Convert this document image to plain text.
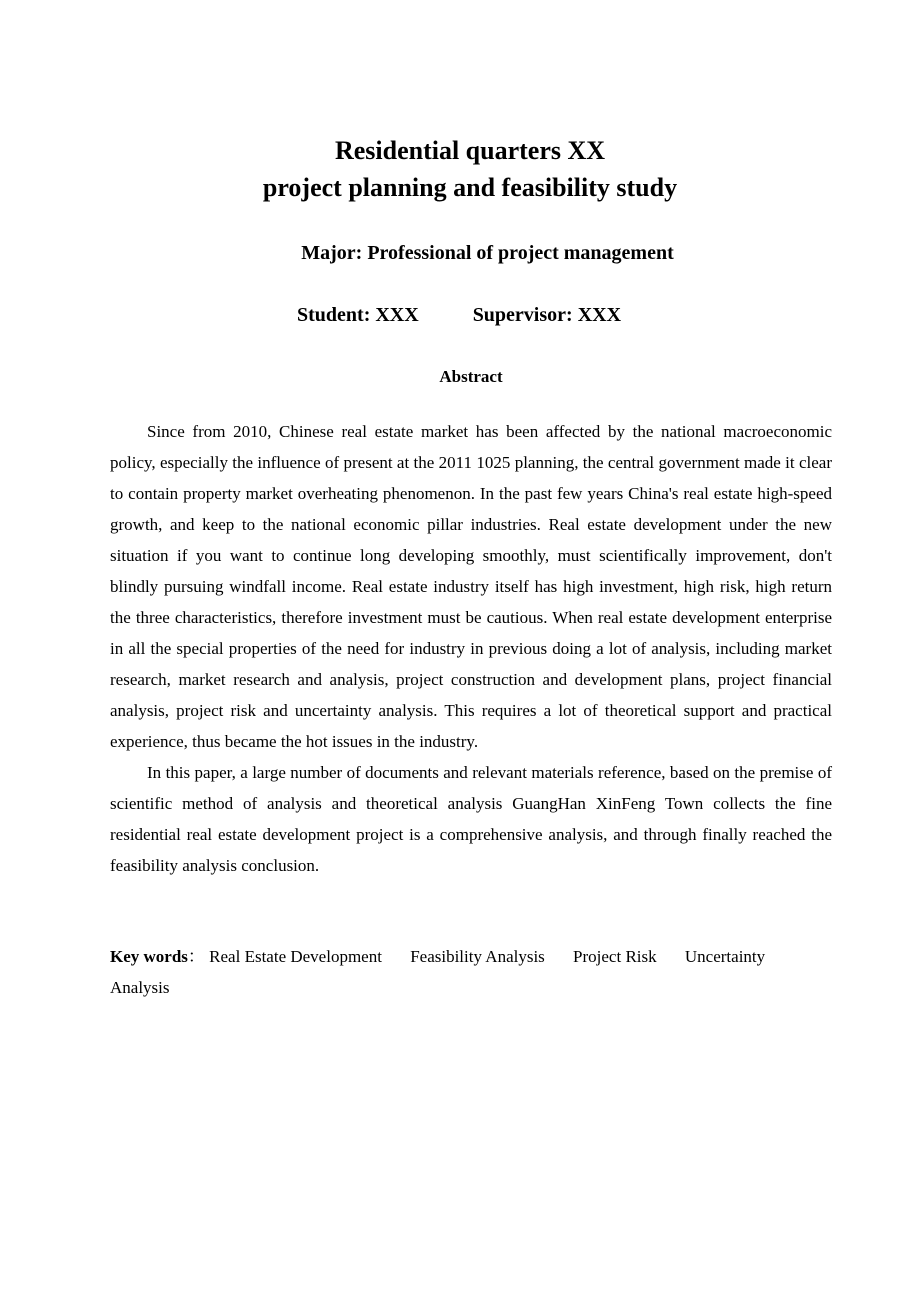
Residential quarters XX
project planning and feasibility study

Major: Professional of project management

Student: XXX	Supervisor: XXX

Abstract

Since from 2010, Chinese real estate market has been affected by the national macroeconomic policy, especially the influence of present at the 2011 1025 planning, the central government made it clear to contain property market overheating phenomenon. In the past few years China's real estate high-speed growth, and keep to the national economic pillar industries. Real estate development under the new situation if you want to continue long developing smoothly, must scientifically improvement, don't blindly pursuing windfall income. Real estate industry itself has high investment, high risk, high return the three characteristics, therefore investment must be cautious. When real estate development enterprise in all the special properties of the need for industry in previous doing a lot of analysis, including market research, market research and analysis, project construction and development plans, project financial analysis, project risk and uncertainty analysis. This requires a lot of theoretical support and practical experience, thus became the hot issues in the industry.

In this paper, a large number of documents and relevant materials reference, based on the premise of scientific method of analysis and theoretical analysis GuangHan XinFeng Town collects the fine residential real estate development project is a comprehensive analysis, and through finally reached the feasibility analysis conclusion.

Key words： Real Estate Development Feasibility Analysis Project Risk Uncertainty Analysis
